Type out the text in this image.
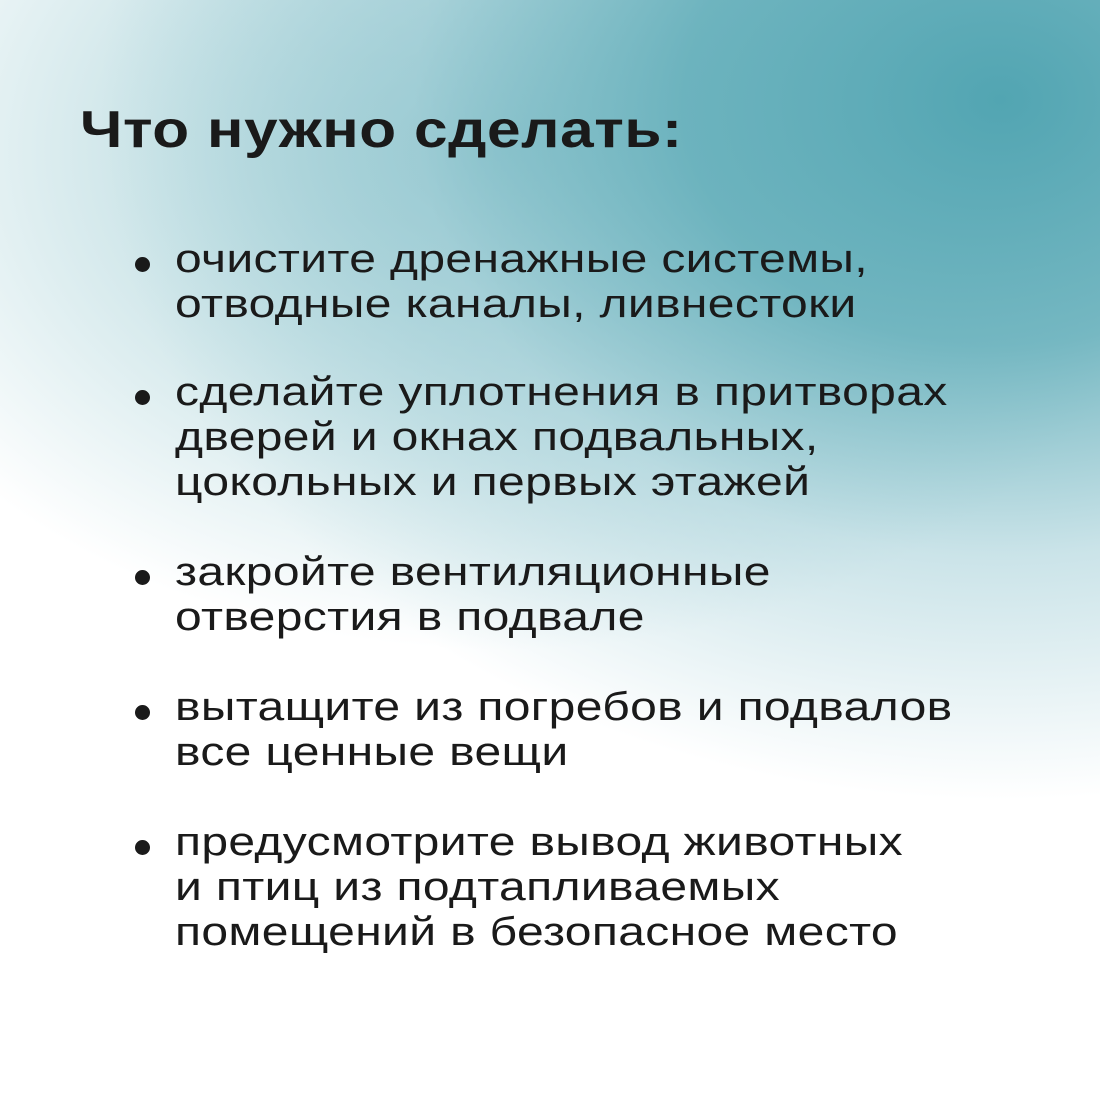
Что нужно сделать:
очистите дренажные системы,
отводные каналы, ливнестоки
сделайте уплотнения в притворах
дверей и окнах подвальных,
цокольных и первых этажей
закройте вентиляционные
отверстия в подвале
вытащите из погребов и подвалов
все ценные вещи
предусмотрите вывод животных
и птиц из подтапливаемых
помещений в безопасное место
